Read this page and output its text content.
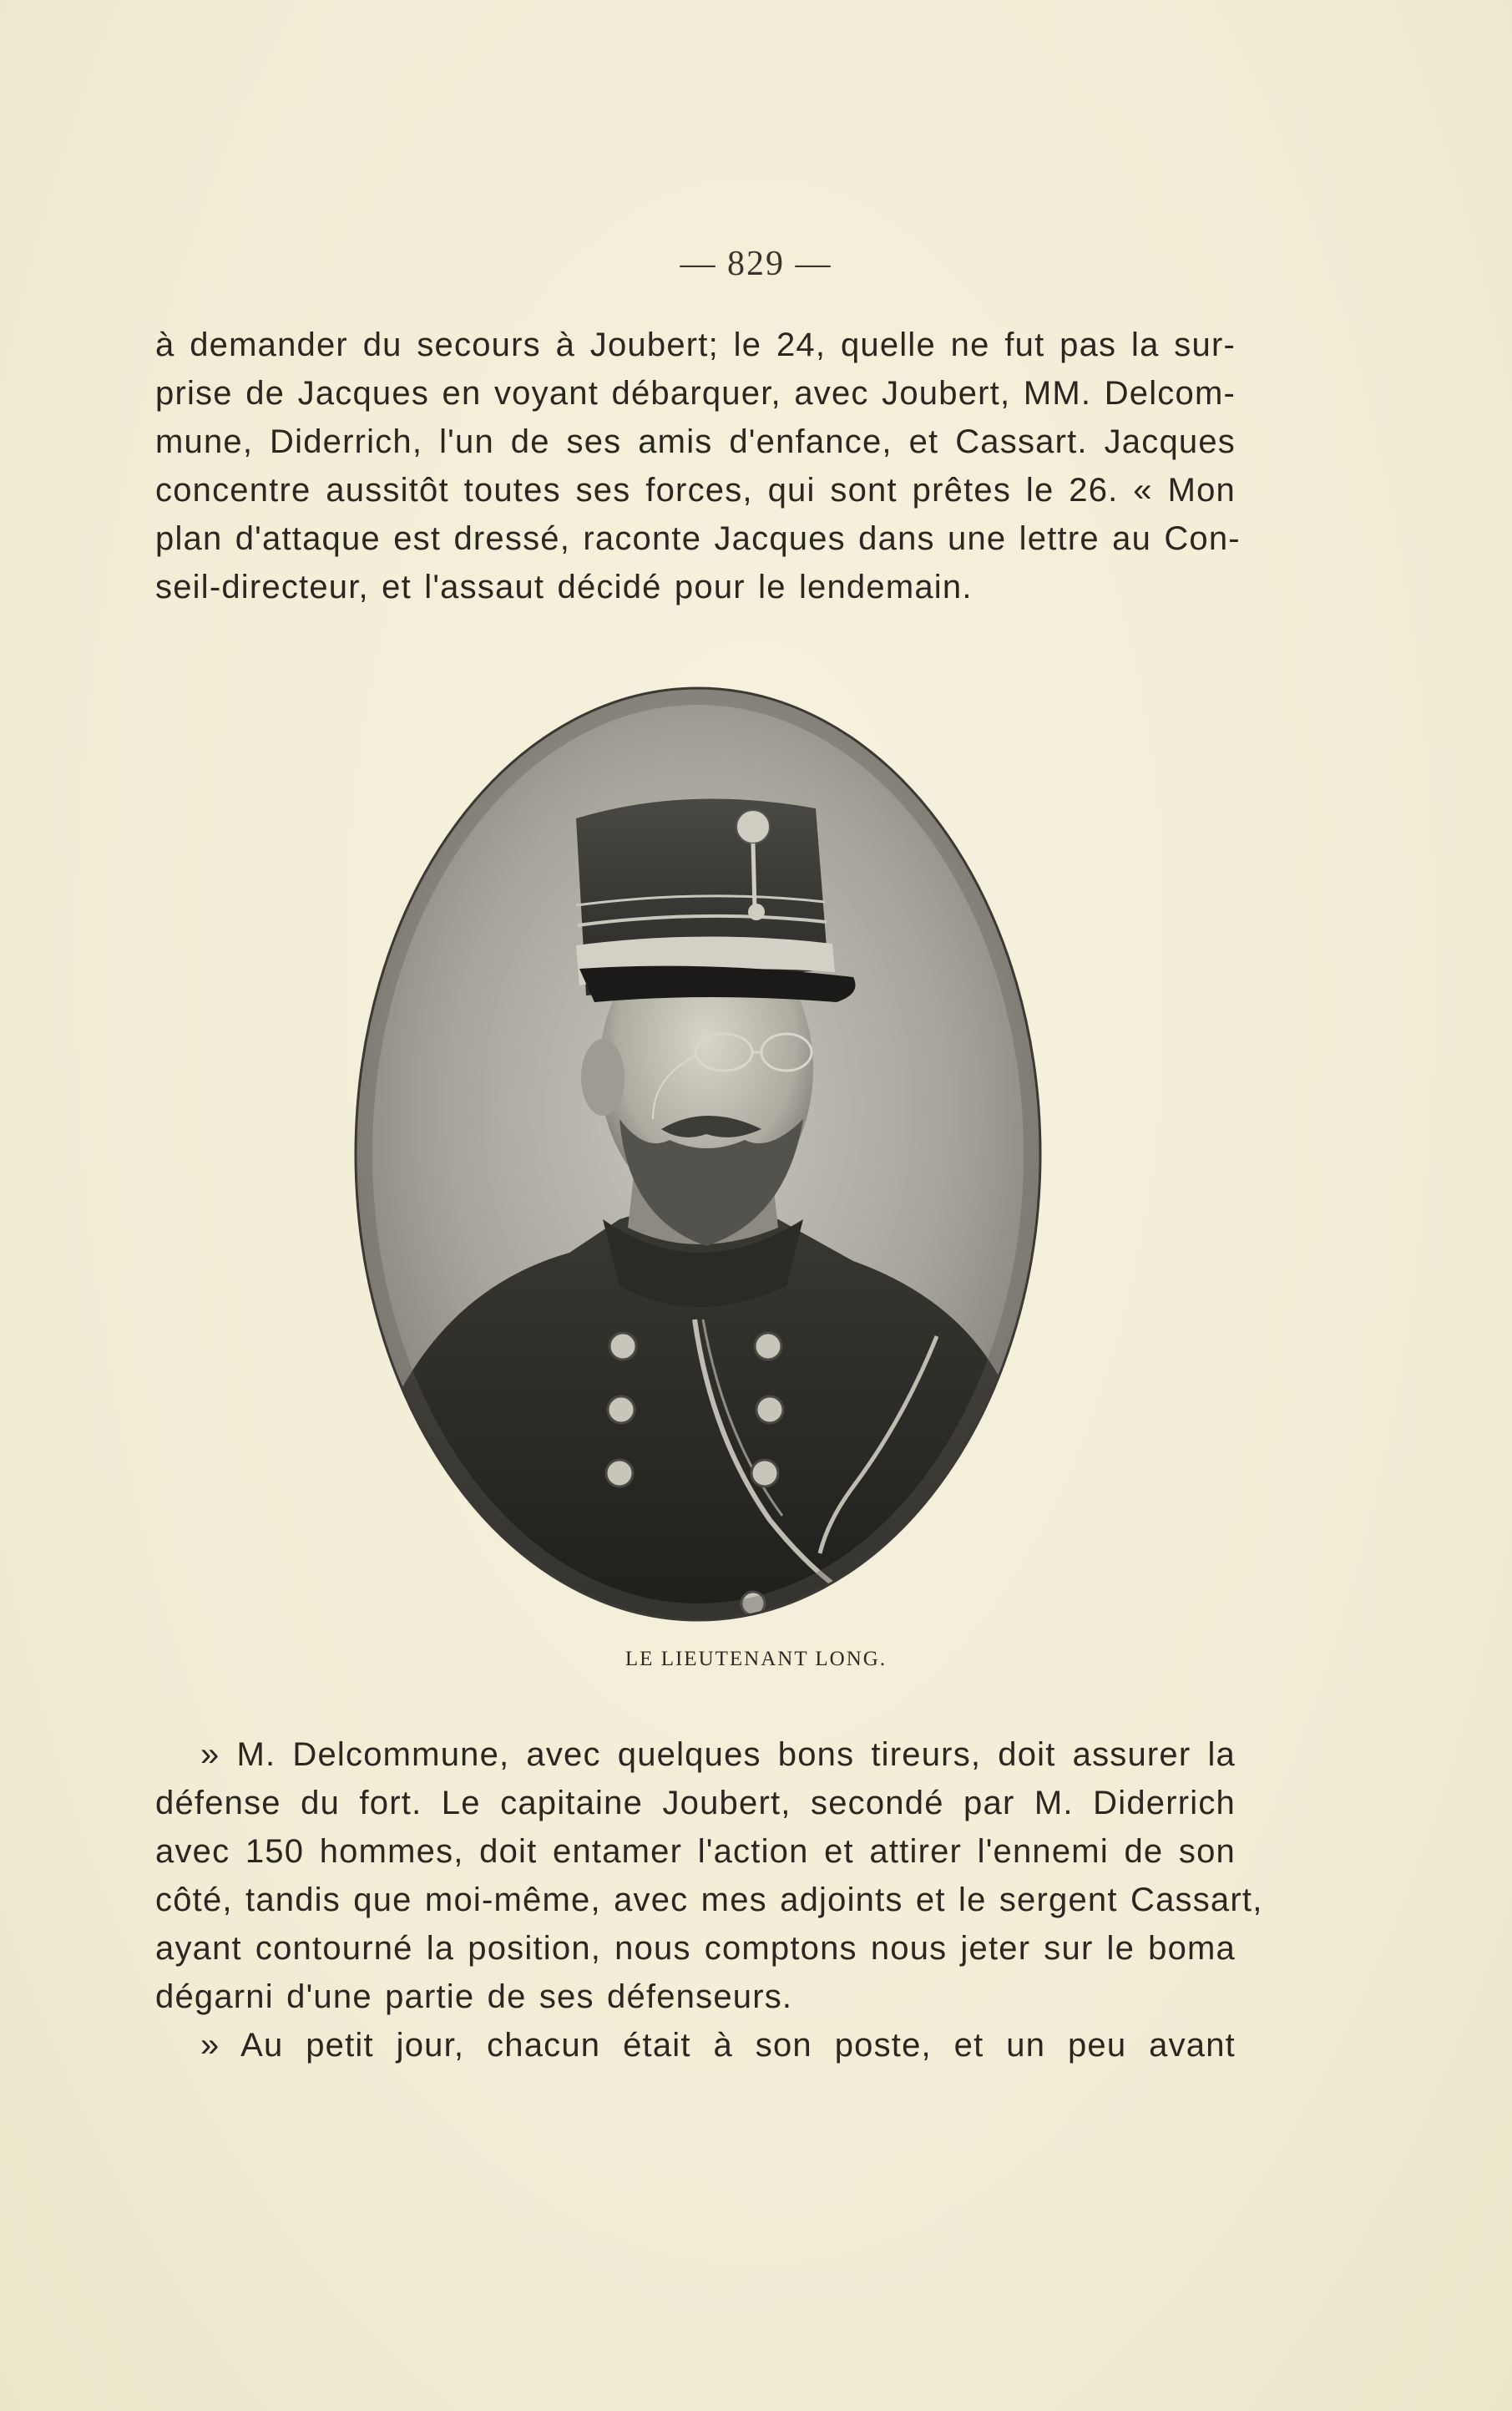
— 829 —
à demander du secours à Joubert; le 24, quelle ne fut pas la sur-
prise de Jacques en voyant débarquer, avec Joubert, MM. Delcom-
mune, Diderrich, l'un de ses amis d'enfance, et Cassart. Jacques
concentre aussitôt toutes ses forces, qui sont prêtes le 26. « Mon
plan d'attaque est dressé, raconte Jacques dans une lettre au Con-
seil-directeur, et l'assaut décidé pour le lendemain.
LE LIEUTENANT LONG.
» M. Delcommune, avec quelques bons tireurs, doit assurer la
défense du fort. Le capitaine Joubert, secondé par M. Diderrich
avec 150 hommes, doit entamer l'action et attirer l'ennemi de son
côté, tandis que moi-même, avec mes adjoints et le sergent Cassart,
ayant contourné la position, nous comptons nous jeter sur le boma
dégarni d'une partie de ses défenseurs.
» Au petit jour, chacun était à son poste, et un peu avant
